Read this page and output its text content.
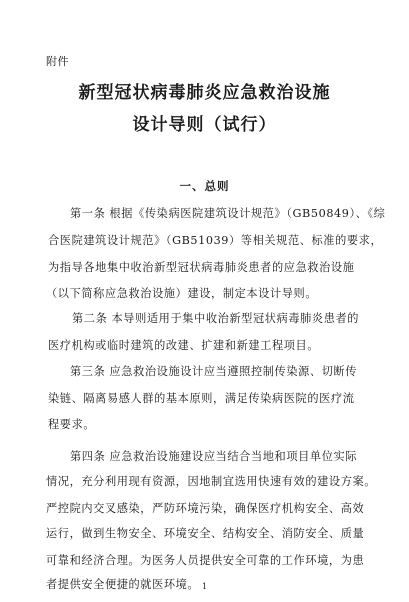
附件
新型冠状病毒肺炎应急救治设施
设计导则（试行）
一、总则
第一条 根据《传染病医院建筑设计规范》（GB50849）、《综
合医院建筑设计规范》（GB51039）等相关规范、标准的要求，
为指导各地集中收治新型冠状病毒肺炎患者的应急救治设施
（以下简称应急救治设施）建设，制定本设计导则。
第二条 本导则适用于集中收治新型冠状病毒肺炎患者的
医疗机构或临时建筑的改建、扩建和新建工程项目。
第三条 应急救治设施设计应当遵照控制传染源、切断传
染链、隔离易感人群的基本原则，满足传染病医院的医疗流
程要求。
第四条 应急救治设施建设应当结合当地和项目单位实际
情况，充分利用现有资源，因地制宜选用快速有效的建设方案。
严控院内交叉感染，严防环境污染，确保医疗机构安全、高效
运行，做到生物安全、环境安全、结构安全、消防安全、质量
可靠和经济合理。为医务人员提供安全可靠的工作环境，为患
者提供安全便捷的就医环境。 1
